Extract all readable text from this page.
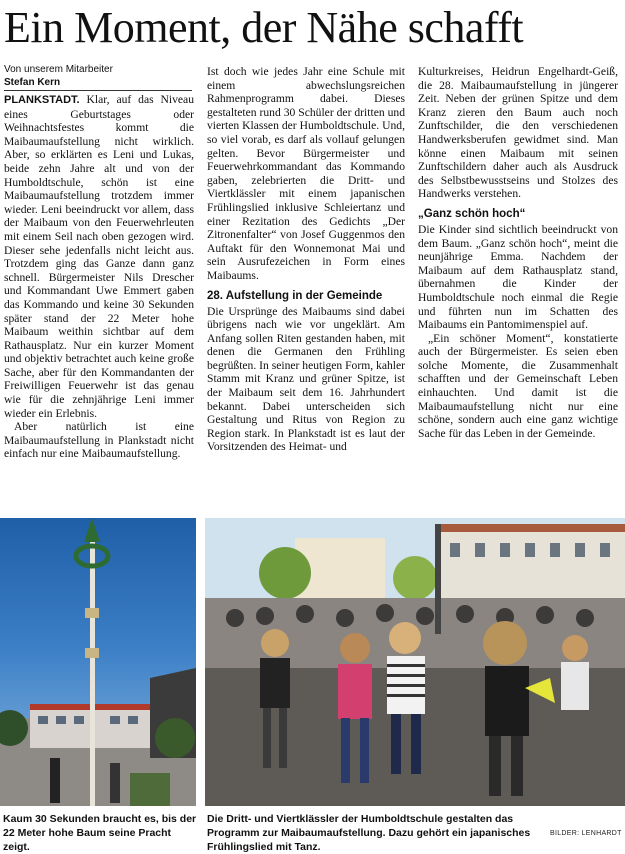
Ein Moment, der Nähe schafft
Von unserem Mitarbeiter
Stefan Kern

PLANKSTADT. Klar, auf das Niveau eines Geburtstages oder Weihnachtsfestes kommt die Maibaumaufstellung nicht wirklich. Aber, so erklärten es Leni und Lukas, beide zehn Jahre alt und von der Humboldtschule, schön ist eine Maibaumaufstellung trotzdem immer wieder. Leni beeindruckt vor allem, dass der Maibaum von den Feuerwehrleuten mit einem Seil nach oben gezogen wird. Dieser sehe jedenfalls nicht leicht aus. Trotzdem ging das Ganze dann ganz schnell. Bürgermeister Nils Drescher und Kommandant Uwe Emmert gaben das Kommando und keine 30 Sekunden später stand der 22 Meter hohe Maibaum weithin sichtbar auf dem Rathausplatz. Nur ein kurzer Moment und objektiv betrachtet auch keine große Sache, aber für den Kommandanten der Freiwilligen Feuerwehr ist das genau wie für die zehnjährige Leni immer wieder ein Erlebnis.

Aber natürlich ist eine Maibaumaufstellung in Plankstadt nicht einfach nur eine Maibaumaufstellung.

Ist doch wie jedes Jahr eine Schule mit einem abwechslungsreichen Rahmenprogramm dabei. Dieses gestalteten rund 30 Schüler der dritten und vierten Klassen der Humboldtschule. Und, so viel vorab, es darf als vollauf gelungen gelten. Bevor Bürgermeister und Feuerwehrkommandant das Kommando gaben, zelebrierten die Dritt- und Viertklässler mit einem japanischen Frühlingslied inklusive Schleiertanz und einer Rezitation des Gedichts „Der Zitronenfalter“ von Josef Guggenmos den Auftakt für den Wonnemonat Mai und sein Ausrufezeichen in Form eines Maibaums.

28. Aufstellung in der Gemeinde

Die Ursprünge des Maibaums sind dabei übrigens nach wie vor ungeklärt. Am Anfang sollen Riten gestanden haben, mit denen die Germanen den Frühling begrüßten. In seiner heutigen Form, kahler Stamm mit Kranz und grüner Spitze, ist der Maibaum seit dem 16. Jahrhundert bekannt. Dabei unterscheiden sich Gestaltung und Ritus von Region zu Region stark. In Plankstadt ist es laut der Vorsitzenden des Heimat- und

Kulturkreises, Heidrun Engelhardt-Geiß, die 28. Maibaumaufstellung in jüngerer Zeit. Neben der grünen Spitze und dem Kranz zieren den Baum auch noch Zunftschilder, die den verschiedenen Handwerksberufen gewidmet sind. Man könne einen Maibaum mit seinen Zunftschildern daher auch als Ausdruck des Selbstbewusstseins und Stolzes des Handwerks verstehen.

„Ganz schön hoch“

Die Kinder sind sichtlich beeindruckt von dem Baum. „Ganz schön hoch“, meint die neunjährige Emma. Nachdem der Maibaum auf dem Rathausplatz stand, übernahmen die Kinder der Humboldtschule noch einmal die Regie und führten nun im Schatten des Maibaums ein Pantomimenspiel auf.

„Ein schöner Moment“, konstatierte auch der Bürgermeister. Es seien eben solche Momente, die Zusammenhalt schafften und der Gemeinschaft Leben einhauchten. Und damit ist die Maibaumaufstellung nicht nur eine schöne, sondern auch eine ganz wichtige Sache für das Leben in der Gemeinde.

Kaum 30 Sekunden braucht es, bis der 22 Meter hohe Baum seine Pracht zeigt.
Die Dritt- und Viertklässler der Humboldtschule gestalten das Programm zur Maibaumaufstellung. Dazu gehört ein japanisches Frühlingslied mit Tanz.
BILDER: LENHARDT
